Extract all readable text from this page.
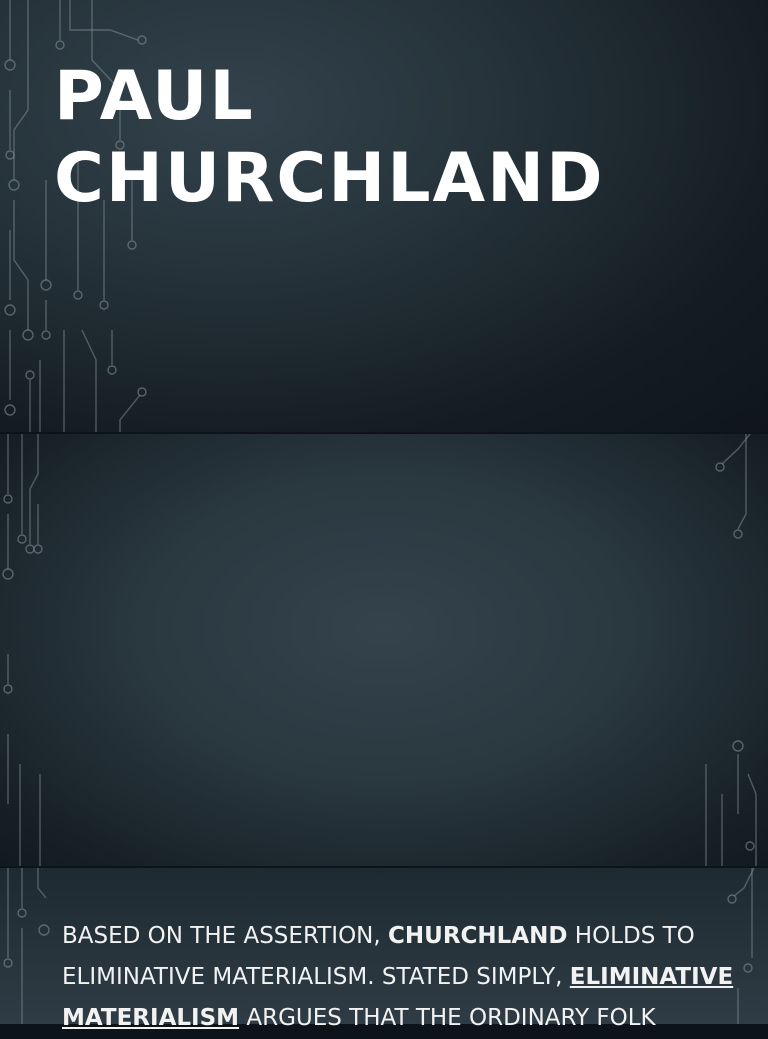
PAUL
CHURCHLAND

BASED ON THE ASSERTION, CHURCHLAND HOLDS TO ELIMINATIVE MATERIALISM. STATED SIMPLY, ELIMINATIVE MATERIALISM ARGUES THAT THE ORDINARY FOLK
